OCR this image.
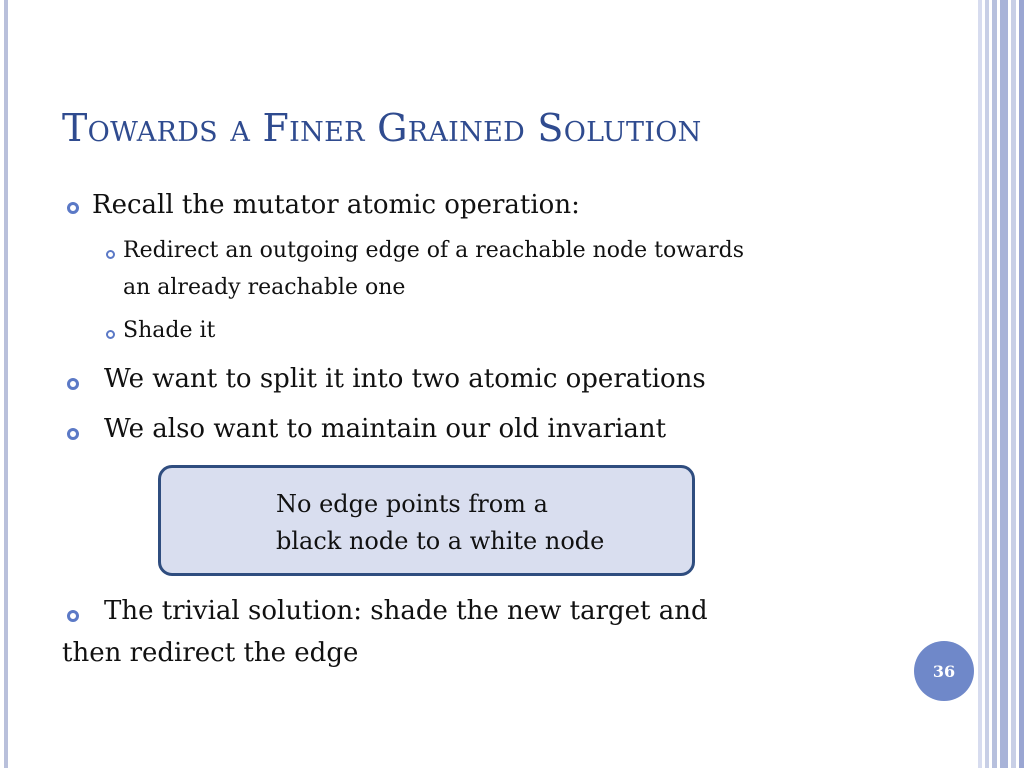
Towards a Finer Grained Solution
Recall the mutator atomic operation:
Redirect an outgoing edge of a reachable node towards
an already reachable one
Shade it
We want to split it into two atomic operations
We also want to maintain our old invariant
No edge points from a
black node to a white node
The trivial solution: shade the new target and
then redirect the edge
36
